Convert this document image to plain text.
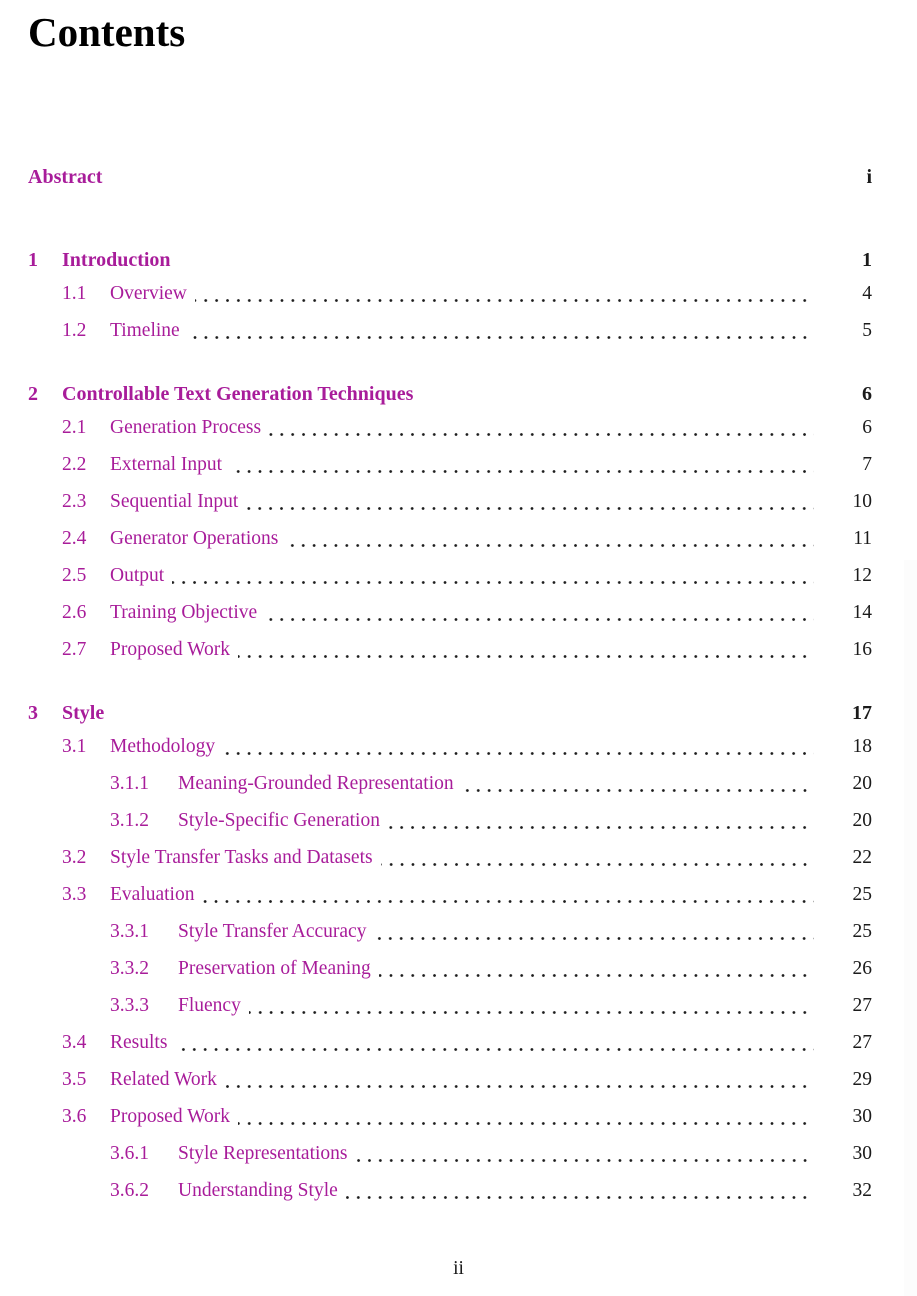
Contents
Abstract	i
1	Introduction	1
1.1	Overview	4
1.2	Timeline	5
2	Controllable Text Generation Techniques	6
2.1	Generation Process	6
2.2	External Input	7
2.3	Sequential Input	10
2.4	Generator Operations	11
2.5	Output	12
2.6	Training Objective	14
2.7	Proposed Work	16
3	Style	17
3.1	Methodology	18
3.1.1	Meaning-Grounded Representation	20
3.1.2	Style-Specific Generation	20
3.2	Style Transfer Tasks and Datasets	22
3.3	Evaluation	25
3.3.1	Style Transfer Accuracy	25
3.3.2	Preservation of Meaning	26
3.3.3	Fluency	27
3.4	Results	27
3.5	Related Work	29
3.6	Proposed Work	30
3.6.1	Style Representations	30
3.6.2	Understanding Style	32
ii
